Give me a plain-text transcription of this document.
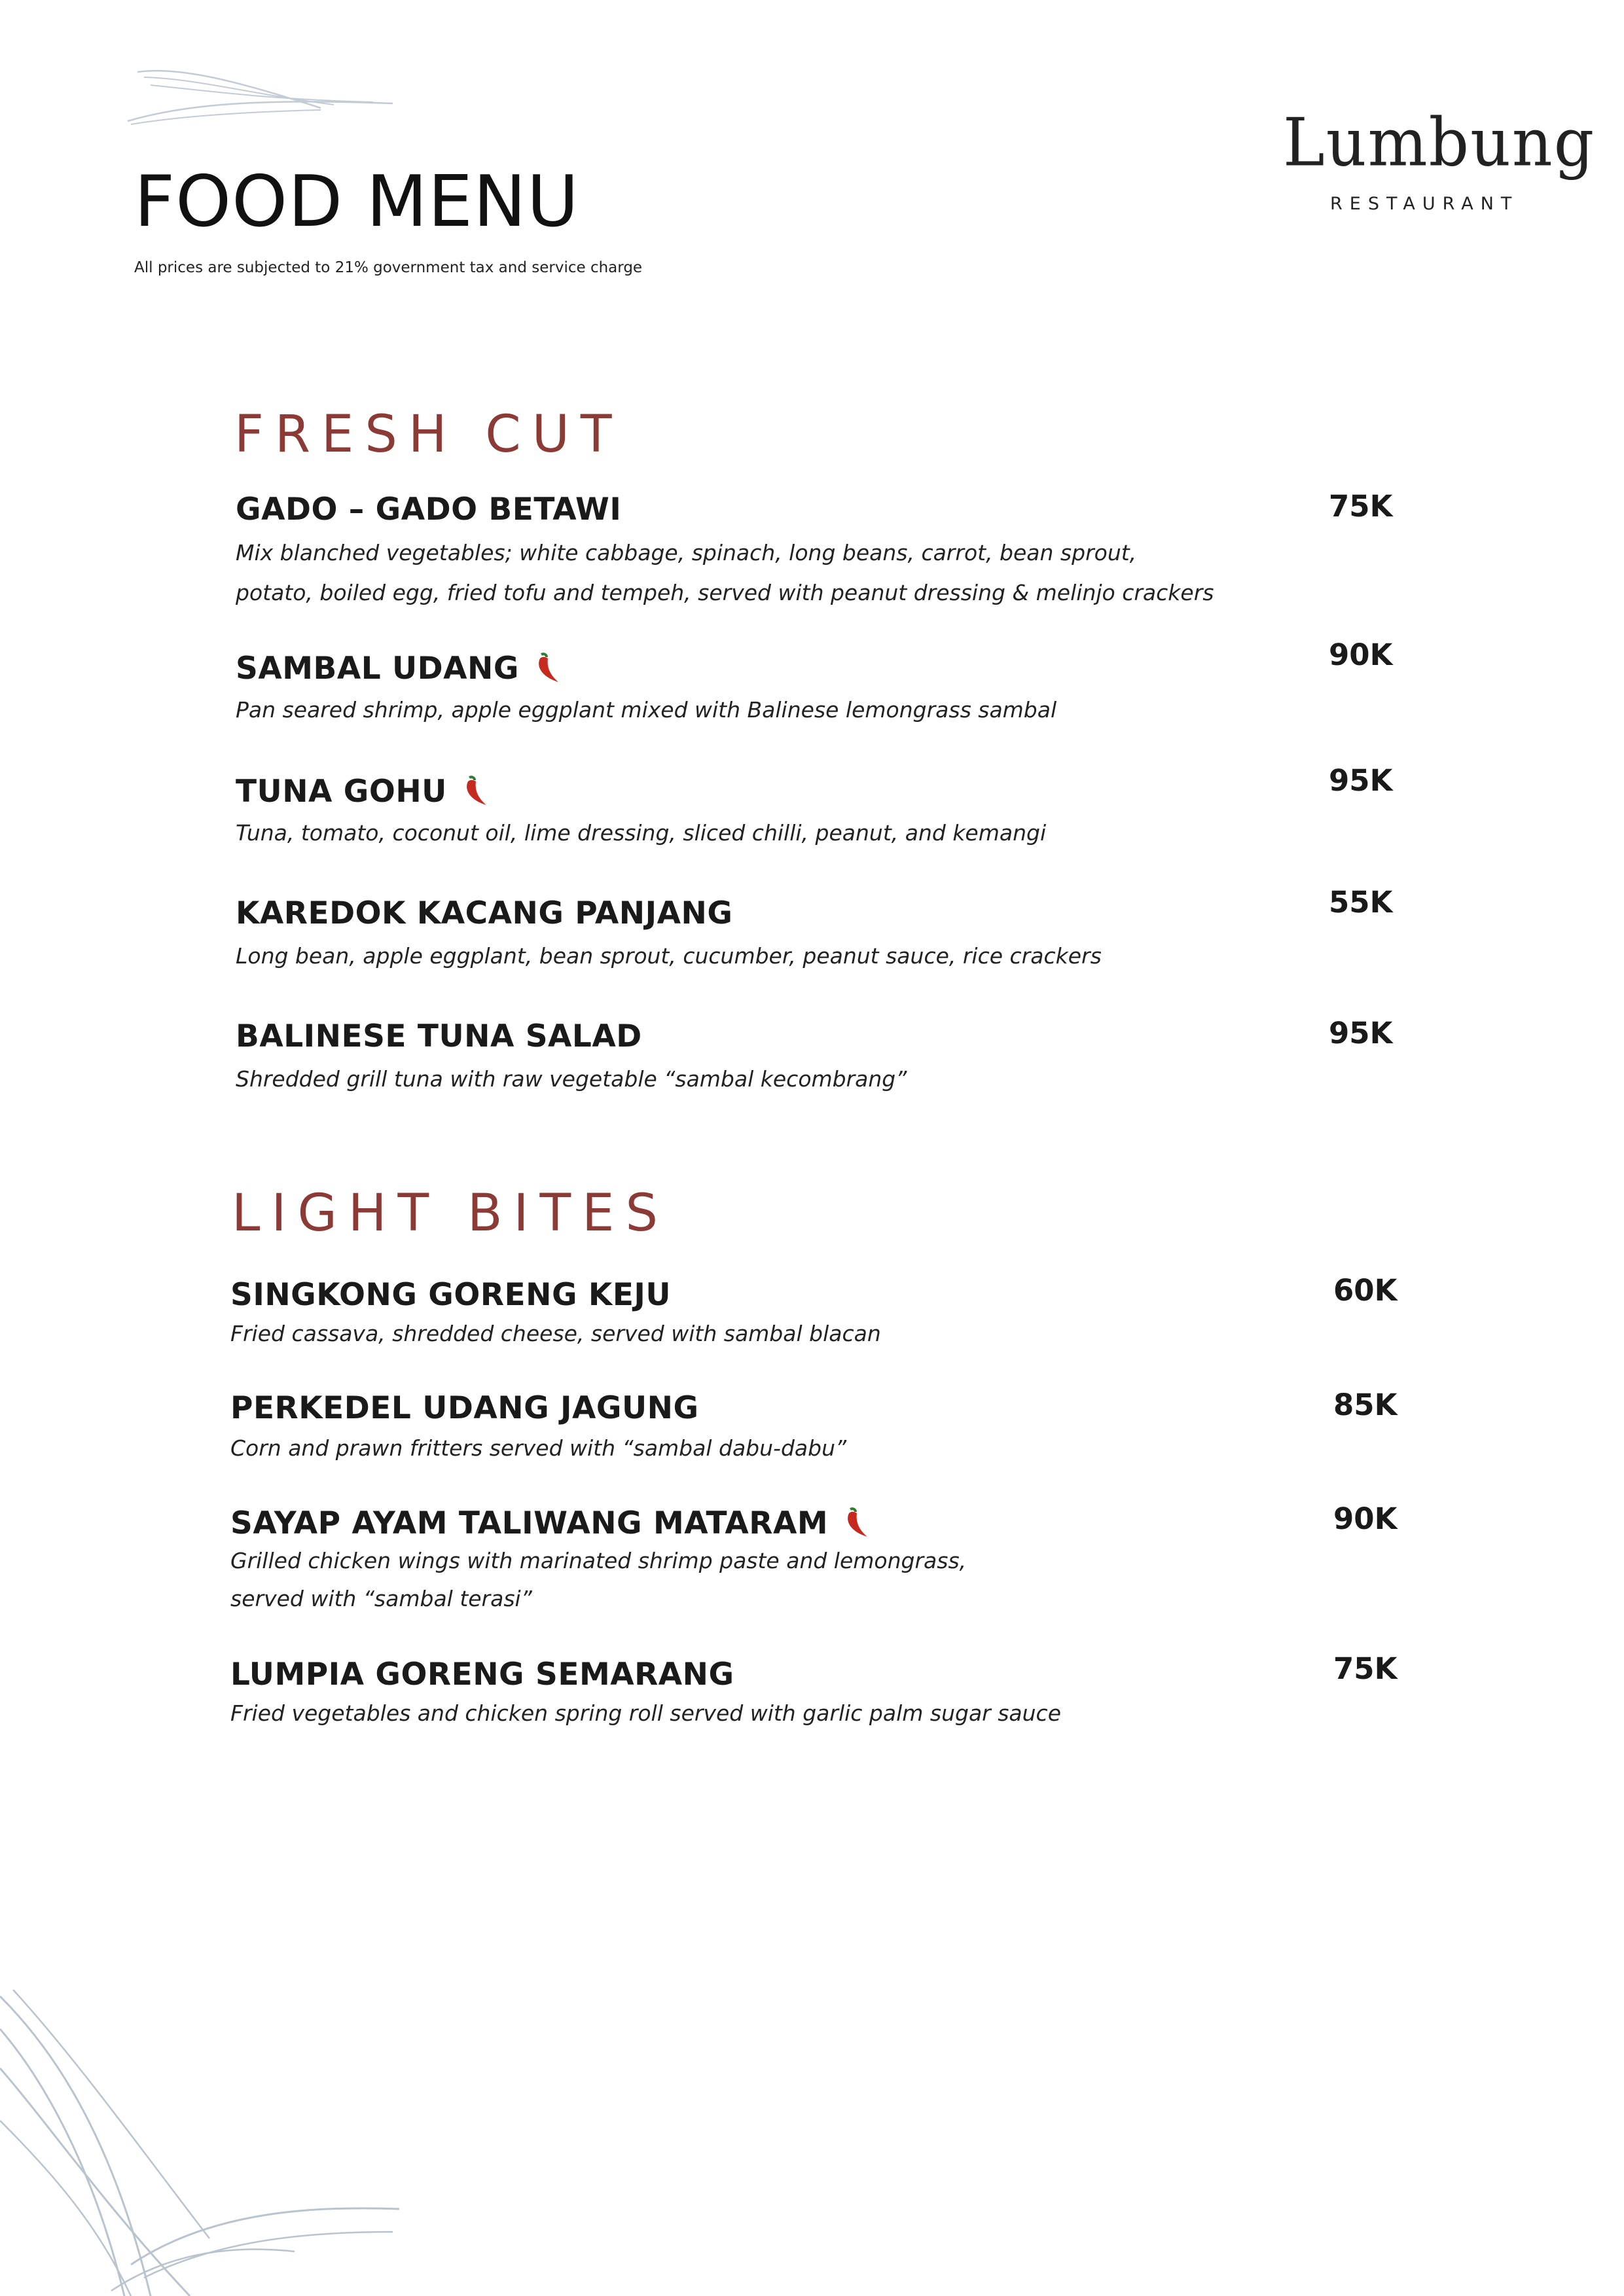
FOOD MENU
All prices are subjected to 21% government tax and service charge
Lumbung
RESTAURANT
FRESH CUT
GADO – GADO BETAWI	75K
Mix blanched vegetables; white cabbage, spinach, long beans, carrot, bean sprout,
potato, boiled egg, fried tofu and tempeh, served with peanut dressing & melinjo crackers
SAMBAL UDANG	90K
Pan seared shrimp, apple eggplant mixed with Balinese lemongrass sambal
TUNA GOHU	95K
Tuna, tomato, coconut oil, lime dressing, sliced chilli, peanut, and kemangi
KAREDOK KACANG PANJANG	55K
Long bean, apple eggplant, bean sprout, cucumber, peanut sauce, rice crackers
BALINESE TUNA SALAD	95K
Shredded grill tuna with raw vegetable “sambal kecombrang”
LIGHT BITES
SINGKONG GORENG KEJU	60K
Fried cassava, shredded cheese, served with sambal blacan
PERKEDEL UDANG JAGUNG	85K
Corn and prawn fritters served with “sambal dabu-dabu”
SAYAP AYAM TALIWANG MATARAM	90K
Grilled chicken wings with marinated shrimp paste and lemongrass,
served with “sambal terasi”
LUMPIA GORENG SEMARANG	75K
Fried vegetables and chicken spring roll served with garlic palm sugar sauce
